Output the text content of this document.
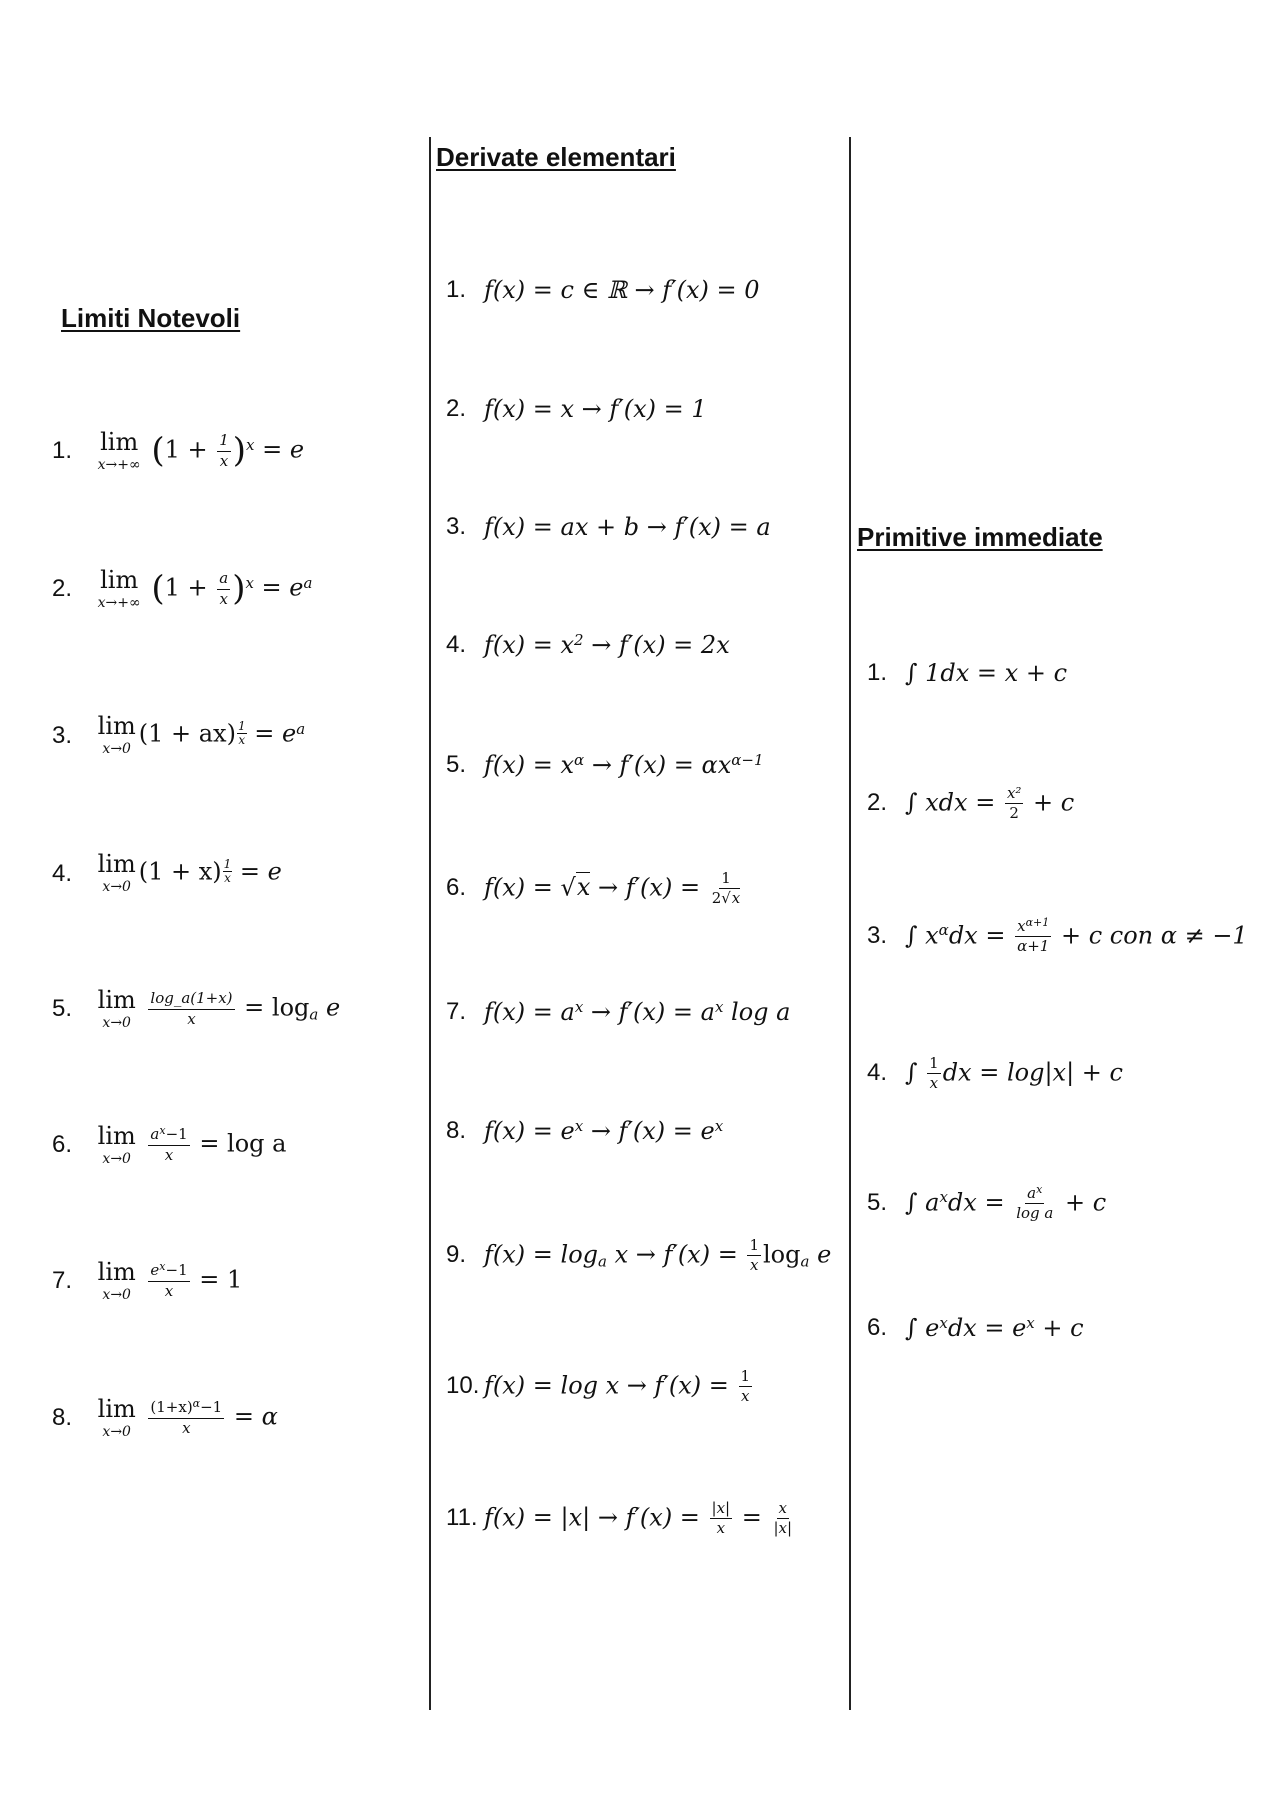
Limiti Notevoli
Derivate elementari
Primitive immediate
1. lim
x→+∞ $(1 + \frac{1}{x} )^x = e$
2. lim
x→+∞ $(1 + \frac{a}{x} )^x = e^a$
3. lim
x→0
$(1 + ax) \frac{1}{x} = e^a$
4. lim
x→0
$(1 + x) \frac{1}{x} = e$
5. lim
x→0
$\frac{\log\_a(1+x)}{x} = \log_a e$
6. lim
x→0
$\frac{a^x-1}{x} = \log a$
7. lim
x→0
$\frac{e^x-1}{x} = 1$
8. lim
x→0
$\frac{(1+x)^\alpha-1}{x} = \alpha$
1. f(x) = c ∈ ℝ → f′(x) = 0
2. f(x) = x → f′(x) = 1
3. f(x) = ax + b → f′(x) = a
4. $f(x) = x^2 \to f'(x) = 2x$
5. $f(x) = x^\alpha \to f'(x) = \alpha x^{\alpha-1}$
6. $f(x) = √x \to f'(x) = \frac{1}{2√x}$
7. $f(x) = a^x \to f'(x) = a^x$ log a
8. $f(x) = e^x \to f'(x) = e^x$
9. $f(x) = \log_a x \to f'(x) = \frac{1}{x} \log_a e$
10. $f(x) = \log x \to f'(x) = \frac{1}{x}$
11. $f(x) = |x| \to f'(x) = \frac{|x|}{x} = \frac{x}{|x|}$
1. ∫ 1dx = x + c
2. ∫ xdx = $\frac{\text{x²}}{2} + c$
3. ∫ $x^\alpha dx = \frac{x^{\alpha+1}}{\alpha+1} + c$ con α ≠ −1
4. ∫ $\frac{1}{x}$ dx = log|x| + c
5. ∫ $a^xdx = \frac{a^x}{\text{log a}} + c$
6. ∫ $e^xdx = e^x + c$
